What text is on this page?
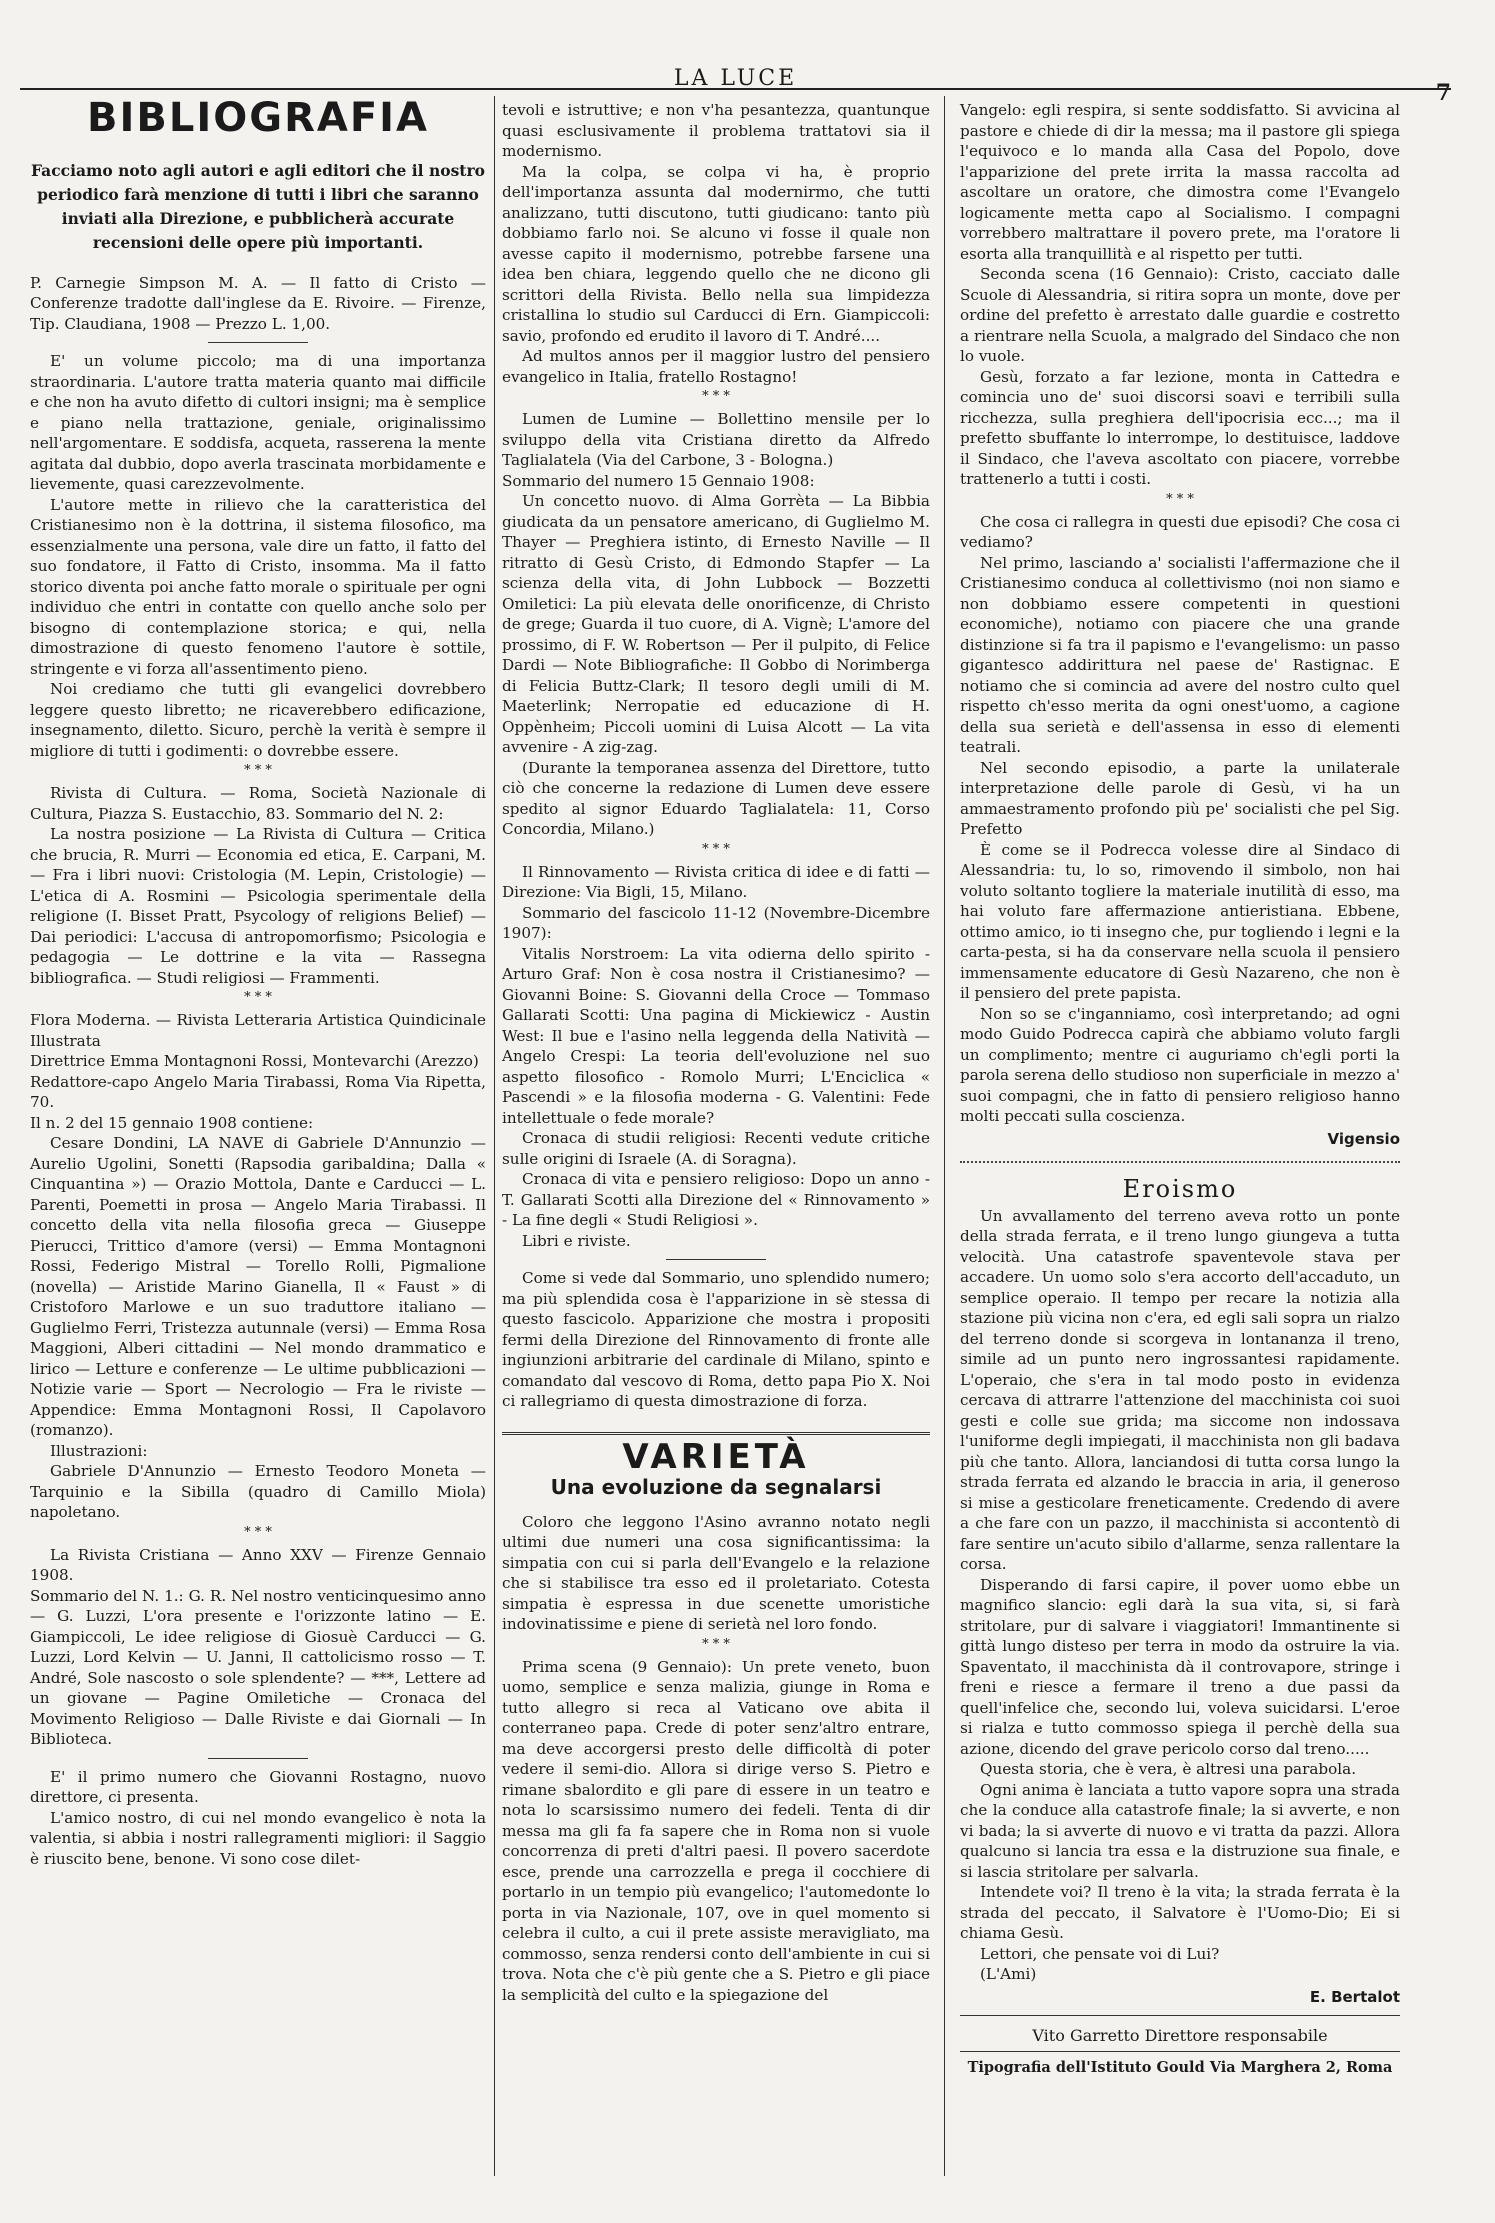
LA LUCE
7
BIBLIOGRAFIA
Facciamo noto agli autori e agli editori che il nostro periodico farà menzione di tutti i libri che saranno inviati alla Direzione, e pubblicherà accurate recensioni delle opere più importanti.

P. Carnegie Simpson M. A. — Il fatto di Cristo — Conferenze tradotte dall'inglese da E. Rivoire. — Firenze, Tip. Claudiana, 1908 — Prezzo L. 1,00.

E' un volume piccolo; ma di una importanza straordinaria. L'autore tratta materia quanto mai difficile e che non ha avuto difetto di cultori insigni; ma è semplice e piano nella trattazione, geniale, originalissimo nell'argomentare. E soddisfa, acqueta, rasserena la mente agitata dal dubbio, dopo averla trascinata morbidamente e lievemente, quasi carezzevolmente.

L'autore mette in rilievo che la caratteristica del Cristianesimo non è la dottrina, il sistema filosofico, ma essenzialmente una persona, vale dire un fatto, il fatto del suo fondatore, il Fatto di Cristo, insomma. Ma il fatto storico diventa poi anche fatto morale o spirituale per ogni individuo che entri in contatte con quello anche solo per bisogno di contemplazione storica; e qui, nella dimostrazione di questo fenomeno l'autore è sottile, stringente e vi forza all'assentimento pieno.

Noi crediamo che tutti gli evangelici dovrebbero leggere questo libretto; ne ricaverebbero edificazione, insegnamento, diletto. Sicuro, perchè la verità è sempre il migliore di tutti i godimenti: o dovrebbe essere.

* * *

Rivista di Cultura. — Roma, Società Nazionale di Cultura, Piazza S. Eustacchio, 83. Sommario del N. 2:

La nostra posizione — La Rivista di Cultura — Critica che brucia, R. Murri — Economia ed etica, E. Carpani, M. — Fra i libri nuovi: Cristologia (M. Lepin, Cristologie) — L'etica di A. Rosmini — Psicologia sperimentale della religione (I. Bisset Pratt, Psycology of religions Belief) — Dai periodici: L'accusa di antropomorfismo; Psicologia e pedagogia — Le dottrine e la vita — Rassegna bibliografica. — Studi religiosi — Frammenti.

* * *

Flora Moderna. — Rivista Letteraria Artistica Quindicinale Illustrata

Direttrice Emma Montagnoni Rossi, Montevarchi (Arezzo)

Redattore-capo Angelo Maria Tirabassi, Roma Via Ripetta, 70.

Il n. 2 del 15 gennaio 1908 contiene:

Cesare Dondini, LA NAVE di Gabriele D'Annunzio — Aurelio Ugolini, Sonetti (Rapsodia garibaldina; Dalla « Cinquantina ») — Orazio Mottola, Dante e Carducci — L. Parenti, Poemetti in prosa — Angelo Maria Tirabassi. Il concetto della vita nella filosofia greca — Giuseppe Pierucci, Trittico d'amore (versi) — Emma Montagnoni Rossi, Federigo Mistral — Torello Rolli, Pigmalione (novella) — Aristide Marino Gianella, Il « Faust » di Cristoforo Marlowe e un suo traduttore italiano — Guglielmo Ferri, Tristezza autunnale (versi) — Emma Rosa Maggioni, Alberi cittadini — Nel mondo drammatico e lirico — Letture e conferenze — Le ultime pubblicazioni — Notizie varie — Sport — Necrologio — Fra le riviste — Appendice: Emma Montagnoni Rossi, Il Capolavoro (romanzo).

Illustrazioni:

Gabriele D'Annunzio — Ernesto Teodoro Moneta — Tarquinio e la Sibilla (quadro di Camillo Miola) napoletano.

* * *

La Rivista Cristiana — Anno XXV — Firenze Gennaio 1908.

Sommario del N. 1.: G. R. Nel nostro venticinquesimo anno — G. Luzzi, L'ora presente e l'orizzonte latino — E. Giampiccoli, Le idee religiose di Giosuè Carducci — G. Luzzi, Lord Kelvin — U. Janni, Il cattolicismo rosso — T. André, Sole nascosto o sole splendente? — ***, Lettere ad un giovane — Pagine Omiletiche — Cronaca del Movimento Religioso — Dalle Riviste e dai Giornali — In Biblioteca.

E' il primo numero che Giovanni Rostagno, nuovo direttore, ci presenta.

L'amico nostro, di cui nel mondo evangelico è nota la valentia, si abbia i nostri rallegramenti migliori: il Saggio è riuscito bene, benone. Vi sono cose dilet-

tevoli e istruttive; e non v'ha pesantezza, quantunque quasi esclusivamente il problema trattatovi sia il modernismo.

Ma la colpa, se colpa vi ha, è proprio dell'importanza assunta dal modernirmo, che tutti analizzano, tutti discutono, tutti giudicano: tanto più dobbiamo farlo noi. Se alcuno vi fosse il quale non avesse capito il modernismo, potrebbe farsene una idea ben chiara, leggendo quello che ne dicono gli scrittori della Rivista. Bello nella sua limpidezza cristallina lo studio sul Carducci di Ern. Giampiccoli: savio, profondo ed erudito il lavoro di T. André....

Ad multos annos per il maggior lustro del pensiero evangelico in Italia, fratello Rostagno!

* * *

Lumen de Lumine — Bollettino mensile per lo sviluppo della vita Cristiana diretto da Alfredo Taglialatela (Via del Carbone, 3 - Bologna.)

Sommario del numero 15 Gennaio 1908:

Un concetto nuovo. di Alma Gorrèta — La Bibbia giudicata da un pensatore americano, di Guglielmo M. Thayer — Preghiera istinto, di Ernesto Naville — Il ritratto di Gesù Cristo, di Edmondo Stapfer — La scienza della vita, di John Lubbock — Bozzetti Omiletici: La più elevata delle onorificenze, di Christo de grege; Guarda il tuo cuore, di A. Vignè; L'amore del prossimo, di F. W. Robertson — Per il pulpito, di Felice Dardi — Note Bibliografiche: Il Gobbo di Norimberga di Felicia Buttz-Clark; Il tesoro degli umili di M. Maeterlink; Nerropatie ed educazione di H. Oppènheim; Piccoli uomini di Luisa Alcott — La vita avvenire - A zig-zag.

(Durante la temporanea assenza del Direttore, tutto ciò che concerne la redazione di Lumen deve essere spedito al signor Eduardo Taglialatela: 11, Corso Concordia, Milano.)

* * *

Il Rinnovamento — Rivista critica di idee e di fatti — Direzione: Via Bigli, 15, Milano.

Sommario del fascicolo 11-12 (Novembre-Dicembre 1907):

Vitalis Norstroem: La vita odierna dello spirito - Arturo Graf: Non è cosa nostra il Cristianesimo? — Giovanni Boine: S. Giovanni della Croce — Tommaso Gallarati Scotti: Una pagina di Mickiewicz - Austin West: Il bue e l'asino nella leggenda della Natività — Angelo Crespi: La teoria dell'evoluzione nel suo aspetto filosofico - Romolo Murri; L'Enciclica « Pascendi » e la filosofia moderna - G. Valentini: Fede intellettuale o fede morale?

Cronaca di studii religiosi: Recenti vedute critiche sulle origini di Israele (A. di Soragna).

Cronaca di vita e pensiero religioso: Dopo un anno - T. Gallarati Scotti alla Direzione del « Rinnovamento » - La fine degli « Studi Religiosi ».

Libri e riviste.

Come si vede dal Sommario, uno splendido numero; ma più splendida cosa è l'apparizione in sè stessa di questo fascicolo. Apparizione che mostra i propositi fermi della Direzione del Rinnovamento di fronte alle ingiunzioni arbitrarie del cardinale di Milano, spinto e comandato dal vescovo di Roma, detto papa Pio X. Noi ci rallegriamo di questa dimostrazione di forza.

VARIETÀ
Una evoluzione da segnalarsi

Coloro che leggono l'Asino avranno notato negli ultimi due numeri una cosa significantissima: la simpatia con cui si parla dell'Evangelo e la relazione che si stabilisce tra esso ed il proletariato. Cotesta simpatia è espressa in due scenette umoristiche indovinatissime e piene di serietà nel loro fondo.

* * *

Prima scena (9 Gennaio): Un prete veneto, buon uomo, semplice e senza malizia, giunge in Roma e tutto allegro si reca al Vaticano ove abita il conterraneo papa. Crede di poter senz'altro entrare, ma deve accorgersi presto delle difficoltà di poter vedere il semi-dio. Allora si dirige verso S. Pietro e rimane sbalordito e gli pare di essere in un teatro e nota lo scarsissimo numero dei fedeli. Tenta di dir messa ma gli fa fa sapere che in Roma non si vuole concorrenza di preti d'altri paesi. Il povero sacerdote esce, prende una carrozzella e prega il cocchiere di portarlo in un tempio più evangelico; l'automedonte lo porta in via Nazionale, 107, ove in quel momento si celebra il culto, a cui il prete assiste meravigliato, ma commosso, senza rendersi conto dell'ambiente in cui si trova. Nota che c'è più gente che a S. Pietro e gli piace la semplicità del culto e la spiegazione del

Vangelo: egli respira, si sente soddisfatto. Si avvicina al pastore e chiede di dir la messa; ma il pastore gli spiega l'equivoco e lo manda alla Casa del Popolo, dove l'apparizione del prete irrita la massa raccolta ad ascoltare un oratore, che dimostra come l'Evangelo logicamente metta capo al Socialismo. I compagni vorrebbero maltrattare il povero prete, ma l'oratore li esorta alla tranquillità e al rispetto per tutti.

Seconda scena (16 Gennaio): Cristo, cacciato dalle Scuole di Alessandria, si ritira sopra un monte, dove per ordine del prefetto è arrestato dalle guardie e costretto a rientrare nella Scuola, a malgrado del Sindaco che non lo vuole.

Gesù, forzato a far lezione, monta in Cattedra e comincia uno de' suoi discorsi soavi e terribili sulla ricchezza, sulla preghiera dell'ipocrisia ecc...; ma il prefetto sbuffante lo interrompe, lo destituisce, laddove il Sindaco, che l'aveva ascoltato con piacere, vorrebbe trattenerlo a tutti i costi.

* * *

Che cosa ci rallegra in questi due episodi? Che cosa ci vediamo?

Nel primo, lasciando a' socialisti l'affermazione che il Cristianesimo conduca al collettivismo (noi non siamo e non dobbiamo essere competenti in questioni economiche), notiamo con piacere che una grande distinzione si fa tra il papismo e l'evangelismo: un passo gigantesco addirittura nel paese de' Rastignac. E notiamo che si comincia ad avere del nostro culto quel rispetto ch'esso merita da ogni onest'uomo, a cagione della sua serietà e dell'assensa in esso di elementi teatrali.

Nel secondo episodio, a parte la unilaterale interpretazione delle parole di Gesù, vi ha un ammaestramento profondo più pe' socialisti che pel Sig. Prefetto

È come se il Podrecca volesse dire al Sindaco di Alessandria: tu, lo so, rimovendo il simbolo, non hai voluto soltanto togliere la materiale inutilità di esso, ma hai voluto fare affermazione antieristiana. Ebbene, ottimo amico, io ti insegno che, pur togliendo i legni e la carta-pesta, si ha da conservare nella scuola il pensiero immensamente educatore di Gesù Nazareno, che non è il pensiero del prete papista.

Non so se c'inganniamo, così interpretando; ad ogni modo Guido Podrecca capirà che abbiamo voluto fargli un complimento; mentre ci auguriamo ch'egli porti la parola serena dello studioso non superficiale in mezzo a' suoi compagni, che in fatto di pensiero religioso hanno molti peccati sulla coscienza.

Vigensio
Eroismo

Un avvallamento del terreno aveva rotto un ponte della strada ferrata, e il treno lungo giungeva a tutta velocità. Una catastrofe spaventevole stava per accadere. Un uomo solo s'era accorto dell'accaduto, un semplice operaio. Il tempo per recare la notizia alla stazione più vicina non c'era, ed egli sali sopra un rialzo del terreno donde si scorgeva in lontananza il treno, simile ad un punto nero ingrossantesi rapidamente. L'operaio, che s'era in tal modo posto in evidenza cercava di attrarre l'attenzione del macchinista coi suoi gesti e colle sue grida; ma siccome non indossava l'uniforme degli impiegati, il macchinista non gli badava più che tanto. Allora, lanciandosi di tutta corsa lungo la strada ferrata ed alzando le braccia in aria, il generoso si mise a gesticolare freneticamente. Credendo di avere a che fare con un pazzo, il macchinista si accontentò di fare sentire un'acuto sibilo d'allarme, senza rallentare la corsa.

Disperando di farsi capire, il pover uomo ebbe un magnifico slancio: egli darà la sua vita, si, si farà stritolare, pur di salvare i viaggiatori! Immantinente si gittà lungo disteso per terra in modo da ostruire la via. Spaventato, il macchinista dà il controvapore, stringe i freni e riesce a fermare il treno a due passi da quell'infelice che, secondo lui, voleva suicidarsi. L'eroe si rialza e tutto commosso spiega il perchè della sua azione, dicendo del grave pericolo corso dal treno.....

Questa storia, che è vera, è altresi una parabola.

Ogni anima è lanciata a tutto vapore sopra una strada che la conduce alla catastrofe finale; la si avverte, e non vi bada; la si avverte di nuovo e vi tratta da pazzi. Allora qualcuno si lancia tra essa e la distruzione sua finale, e si lascia stritolare per salvarla.

Intendete voi? Il treno è la vita; la strada ferrata è la strada del peccato, il Salvatore è l'Uomo-Dio; Ei si chiama Gesù.

Lettori, che pensate voi di Lui?

(L'Ami)

E. Bertalot
Vito Garretto Direttore responsabile
Tipografia dell'Istituto Gould Via Marghera 2, Roma
